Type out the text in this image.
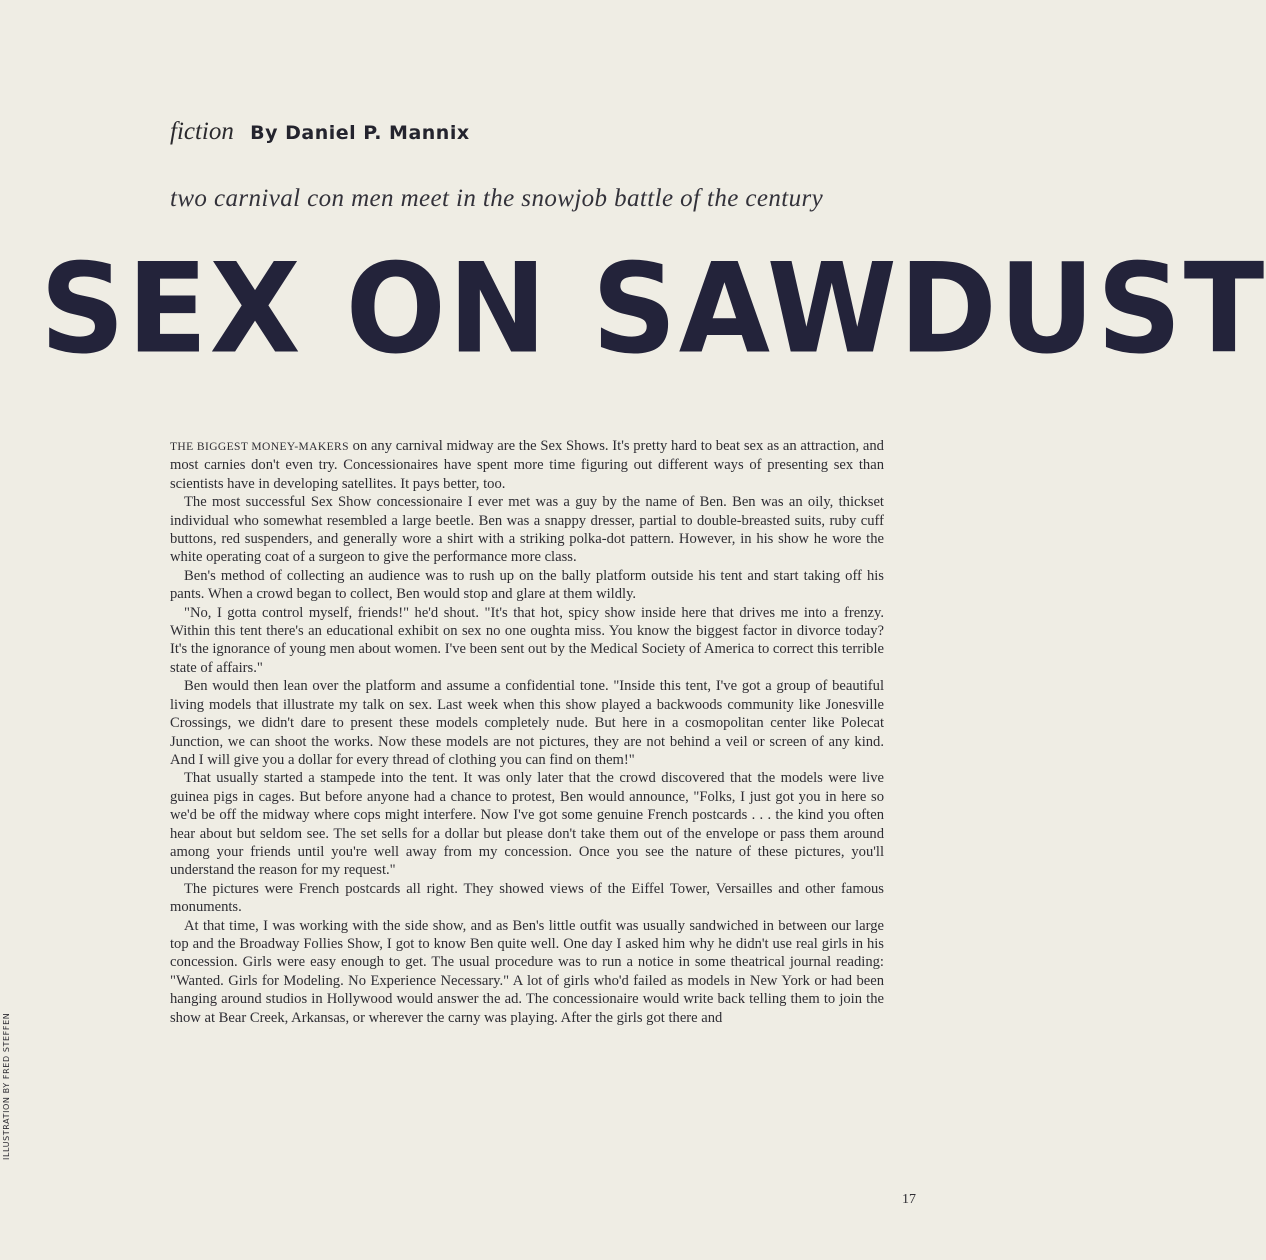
fiction By Daniel P. Mannix
two carnival con men meet in the snowjob battle of the century
SEX ON SAWDUST

THE BIGGEST MONEY-MAKERS on any carnival midway are the Sex Shows. It's pretty hard to beat sex as an attraction, and most carnies don't even try. Concessionaires have spent more time figuring out different ways of presenting sex than scientists have in developing satellites. It pays better, too.

The most successful Sex Show concessionaire I ever met was a guy by the name of Ben. Ben was an oily, thickset individual who somewhat resembled a large beetle. Ben was a snappy dresser, partial to double-breasted suits, ruby cuff buttons, red suspenders, and generally wore a shirt with a striking polka-dot pattern. However, in his show he wore the white operating coat of a surgeon to give the performance more class.

Ben's method of collecting an audience was to rush up on the bally platform outside his tent and start taking off his pants. When a crowd began to collect, Ben would stop and glare at them wildly.

"No, I gotta control myself, friends!" he'd shout. "It's that hot, spicy show inside here that drives me into a frenzy. Within this tent there's an educational exhibit on sex no one oughta miss. You know the biggest factor in divorce today? It's the ignorance of young men about women. I've been sent out by the Medical Society of America to correct this terrible state of affairs."

Ben would then lean over the platform and assume a confidential tone. "Inside this tent, I've got a group of beautiful living models that illustrate my talk on sex. Last week when this show played a backwoods community like Jonesville Crossings, we didn't dare to present these models completely nude. But here in a cosmopolitan center like Polecat Junction, we can shoot the works. Now these models are not pictures, they are not behind a veil or screen of any kind. And I will give you a dollar for every thread of clothing you can find on them!"

That usually started a stampede into the tent. It was only later that the crowd discovered that the models were live guinea pigs in cages. But before anyone had a chance to protest, Ben would announce, "Folks, I just got you in here so we'd be off the midway where cops might interfere. Now I've got some genuine French postcards . . . the kind you often hear about but seldom see. The set sells for a dollar but please don't take them out of the envelope or pass them around among your friends until you're well away from my concession. Once you see the nature of these pictures, you'll understand the reason for my request."

The pictures were French postcards all right. They showed views of the Eiffel Tower, Versailles and other famous monuments.

At that time, I was working with the side show, and as Ben's little outfit was usually sandwiched in between our large top and the Broadway Follies Show, I got to know Ben quite well. One day I asked him why he didn't use real girls in his concession. Girls were easy enough to get. The usual procedure was to run a notice in some theatrical journal reading: "Wanted. Girls for Modeling. No Experience Necessary." A lot of girls who'd failed as models in New York or had been hanging around studios in Hollywood would answer the ad. The concessionaire would write back telling them to join the show at Bear Creek, Arkansas, or wherever the carny was playing. After the girls got there and

ILLUSTRATION BY FRED STEFFEN
17
